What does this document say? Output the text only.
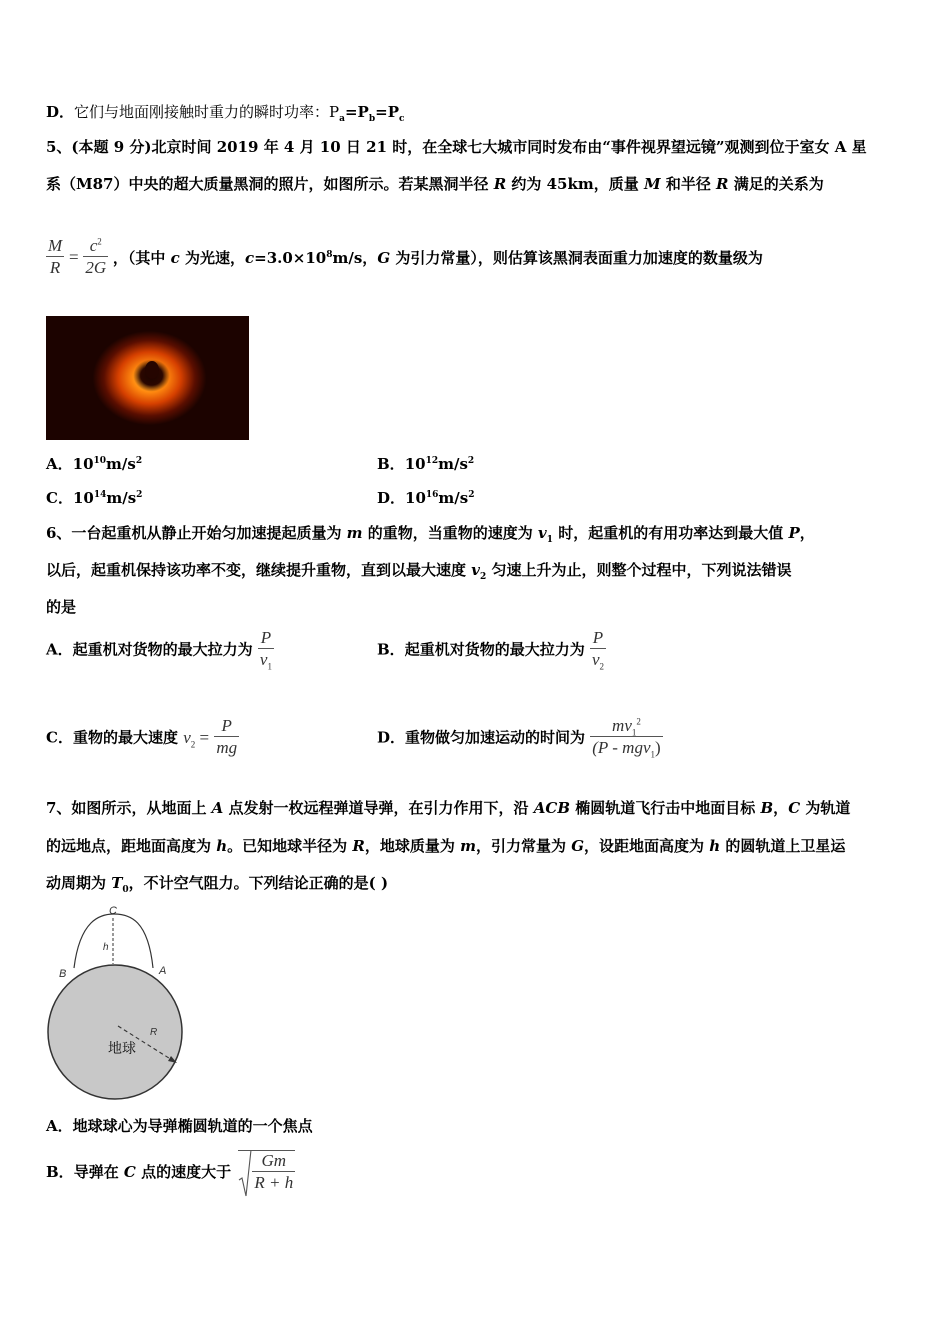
D．它们与地面刚接触时重力的瞬时功率：$P_a=P_b=P_c$
5、(本题 9 分)北京时间 2019 年 4 月 10 日 21 时，在全球七大城市同时发布由“事件视界望远镜”观测到位于室女 A 星
系（M87）中央的超大质量黑洞的照片，如图所示。若某黑洞半径 R 约为 45km，质量 M 和半径 R 满足的关系为
$\frac{M}{R} = \frac{c^2}{2G}$ ，（其中 c 为光速，$c=3.0\times 10^8m/s$，G 为引力常量），则估算该黑洞表面重力加速度的数量级为
A．$10^{10}m/s^2$	B．$10^{12}m/s^2$
C．$10^{14}m/s^2$	D．$10^{16}m/s^2$
6、一台起重机从静止开始匀加速提起质量为 m 的重物，当重物的速度为 $v_1$ 时，起重机的有用功率达到最大值 P，
以后，起重机保持该功率不变，继续提升重物，直到以最大速度 $v_2$ 匀速上升为止，则整个过程中，下列说法错误
的是
A．起重机对货物的最大拉力为 $\frac{P}{v_1}$	B．起重机对货物的最大拉力为 $\frac{P}{v_2}$
C．重物的最大速度 $v_2 = \frac{P}{mg}$	D．重物做匀加速运动的时间为 $\frac{mv_1^2}{(P - mgv_1)}$
7、如图所示，从地面上 A 点发射一枚远程弹道导弹，在引力作用下，沿 ACB 椭圆轨道飞行击中地面目标 B，C 为轨道
的远地点，距地面高度为 h。已知地球半径为 R，地球质量为 m，引力常量为 G，设距地面高度为 h 的圆轨道上卫星运
动周期为 $T_0$，不计空气阻力。下列结论正确的是( )
C
h
B	A
R
地球
A．地球球心为导弹椭圆轨道的一个焦点
B．导弹在 C 点的速度大于 $\frac{Gm}{R + h}$
